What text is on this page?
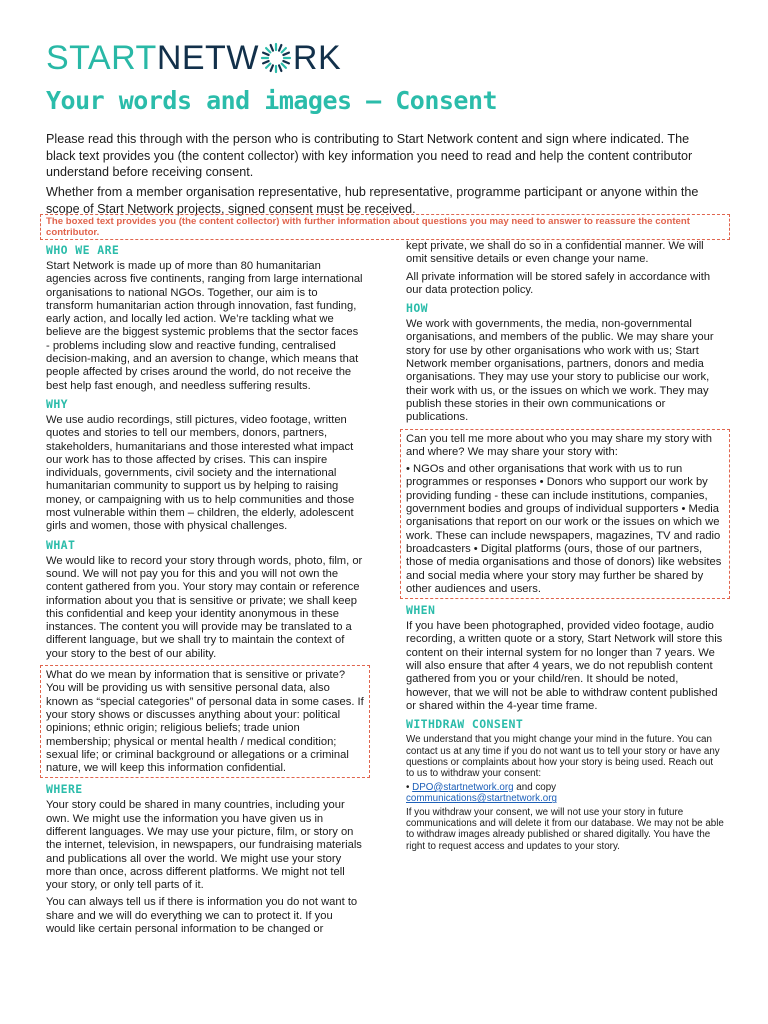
STARTNETW RK
Your words and images – Consent

Please read this through with the person who is contributing to Start Network content and sign where indicated. The black text provides you (the content collector) with key information you need to read and help the content contributor understand before receiving consent.

Whether from a member organisation representative, hub representative, programme participant or anyone within the scope of Start Network projects, signed consent must be received.

The boxed text provides you (the content collector) with further information about questions you may need to answer to reassure the content contributor.
WHO WE ARE

Start Network is made up of more than 80 humanitarian agencies across five continents, ranging from large international organisations to national NGOs. Together, our aim is to transform humanitarian action through innovation, fast funding, early action, and locally led action. We’re tackling what we believe are the biggest systemic problems that the sector faces - problems including slow and reactive funding, centralised decision-making, and an aversion to change, which means that people affected by crises around the world, do not receive the best help fast enough, and needless suffering results.

WHY

We use audio recordings, still pictures, video footage, written quotes and stories to tell our members, donors, partners, stakeholders, humanitarians and those interested what impact our work has to those affected by crises. This can inspire individuals, governments, civil society and the international humanitarian community to support us by helping to raising money, or campaigning with us to help communities and those most vulnerable within them – children, the elderly, adolescent girls and women, those with physical challenges.

WHAT

We would like to record your story through words, photo, film, or sound. We will not pay you for this and you will not own the content gathered from you. Your story may contain or reference information about you that is sensitive or private; we shall keep this confidential and keep your identity anonymous in these instances. The content you will provide may be translated to a different language, but we shall try to maintain the context of your story to the best of our ability.

What do we mean by information that is sensitive or private? You will be providing us with sensitive personal data, also known as “special categories” of personal data in some cases. If your story shows or discusses anything about your: political opinions; ethnic origin; religious beliefs; trade union membership; physical or mental health / medical condition; sexual life; or criminal background or allegations or a criminal nature, we will keep this information confidential.

WHERE

Your story could be shared in many countries, including your own. We might use the information you have given us in different languages. We may use your picture, film, or story on the internet, television, in newspapers, our fundraising materials and publications all over the world. We might use your story more than once, across different platforms. We might not tell your story, or only tell parts of it.

You can always tell us if there is information you do not want to share and we will do everything we can to protect it. If you would like certain personal information to be changed or

kept private, we shall do so in a confidential manner. We will omit sensitive details or even change your name.

All private information will be stored safely in accordance with our data protection policy.

HOW

We work with governments, the media, non-governmental organisations, and members of the public. We may share your story for use by other organisations who work with us; Start Network member organisations, partners, donors and media organisations. They may use your story to publicise our work, their work with us, or the issues on which we work. They may publish these stories in their own communications or publications.

Can you tell me more about who you may share my story with and where? We may share your story with:

• NGOs and other organisations that work with us to run programmes or responses • Donors who support our work by providing funding - these can include institutions, companies, government bodies and groups of individual supporters • Media organisations that report on our work or the issues on which we work. These can include newspapers, magazines, TV and radio broadcasters • Digital platforms (ours, those of our partners, those of media organisations and those of donors) like websites and social media where your story may further be shared by other audiences and users.

WHEN

If you have been photographed, provided video footage, audio recording, a written quote or a story, Start Network will store this content on their internal system for no longer than 7 years. We will also ensure that after 4 years, we do not republish content gathered from you or your child/ren. It should be noted, however, that we will not be able to withdraw content published or shared within the 4-year time frame.

WITHDRAW CONSENT

We understand that you might change your mind in the future. You can contact us at any time if you do not want us to tell your story or have any questions or complaints about how your story is being used. Reach out to us to withdraw your consent:

• DPO@startnetwork.org and copy
communications@startnetwork.org

If you withdraw your consent, we will not use your story in future communications and will delete it from our database. We may not be able to withdraw images already published or shared digitally. You have the right to request access and updates to your story.
